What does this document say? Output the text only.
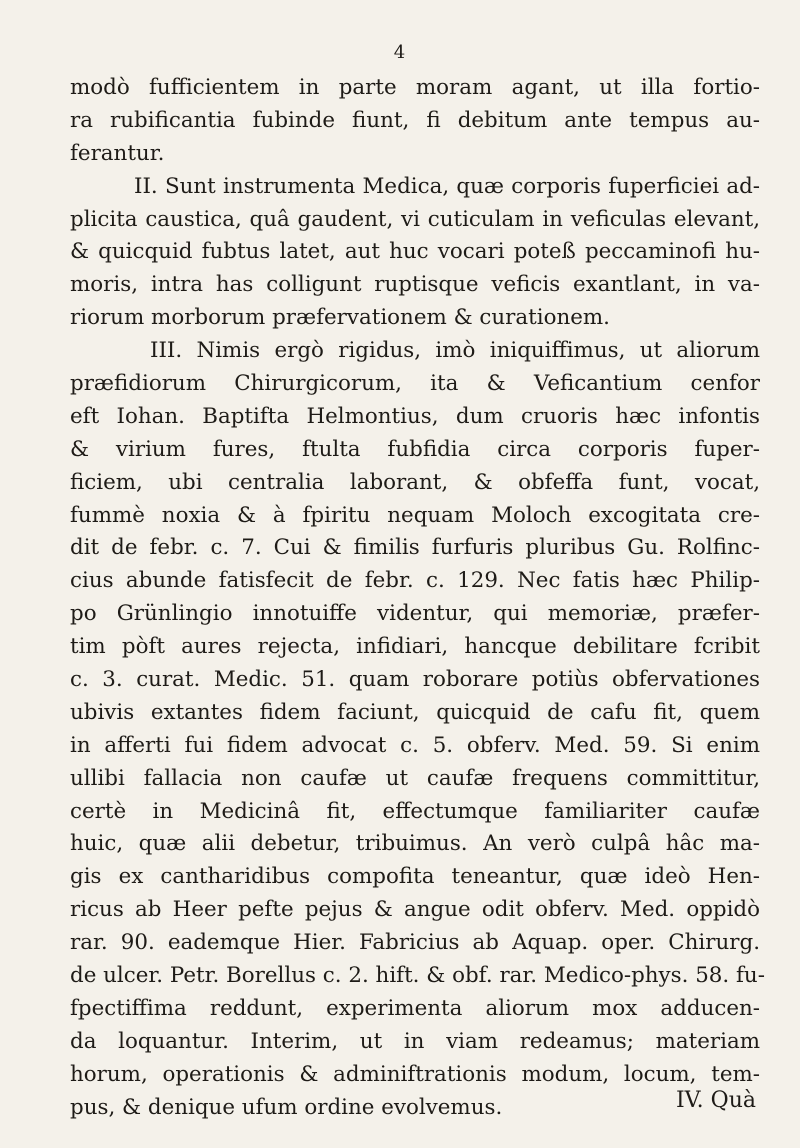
4
modò fufficientem in parte moram agant, ut illa fortio-
ra rubificantia fubinde fiunt, fi debitum ante tempus au-
ferantur.
II. Sunt instrumenta Medica, quæ corporis fuperficiei ad-
plicita caustica, quâ gaudent, vi cuticulam in veficulas elevant,
& quicquid fubtus latet, aut huc vocari poteß peccaminofi hu-
moris, intra has colligunt ruptisque veficis exantlant, in va-
riorum morborum præfervationem & curationem.
III. Nimis ergò rigidus, imò iniquiffimus, ut aliorum
præfidiorum Chirurgicorum, ita & Veficantium cenfor
eft Iohan. Baptifta Helmontius, dum cruoris hæc infontis
& virium fures, ftulta fubfidia circa corporis fuper-
ficiem, ubi centralia laborant, & obfeffa funt, vocat,
fummè noxia & à fpiritu nequam Moloch excogitata cre-
dit de febr. c. 7. Cui & fimilis furfuris pluribus Gu. Rolfinc-
cius abunde fatisfecit de febr. c. 129. Nec fatis hæc Philip-
po Grünlingio innotuiffe videntur, qui memoriæ, præfer-
tim pòft aures rejecta, infidiari, hancque debilitare fcribit
c. 3. curat. Medic. 51. quam roborare potiùs obfervationes
ubivis extantes fidem faciunt, quicquid de cafu fit, quem
in afferti fui fidem advocat c. 5. obferv. Med. 59. Si enim
ullibi fallacia non caufæ ut caufæ frequens committitur,
certè in Medicinâ fit, effectumque familiariter caufæ
huic, quæ alii debetur, tribuimus. An verò culpâ hâc ma-
gis ex cantharidibus compofita teneantur, quæ ideò Hen-
ricus ab Heer pefte pejus & angue odit obferv. Med. oppidò
rar. 90. eademque Hier. Fabricius ab Aquap. oper. Chirurg.
de ulcer. Petr. Borellus c. 2. hift. & obf. rar. Medico-phys. 58. fu-
fpectiffima reddunt, experimenta aliorum mox adducen-
da loquantur. Interim, ut in viam redeamus; materiam
horum, operationis & adminiftrationis modum, locum, tem-
pus, & denique ufum ordine evolvemus.	IV. Quà
